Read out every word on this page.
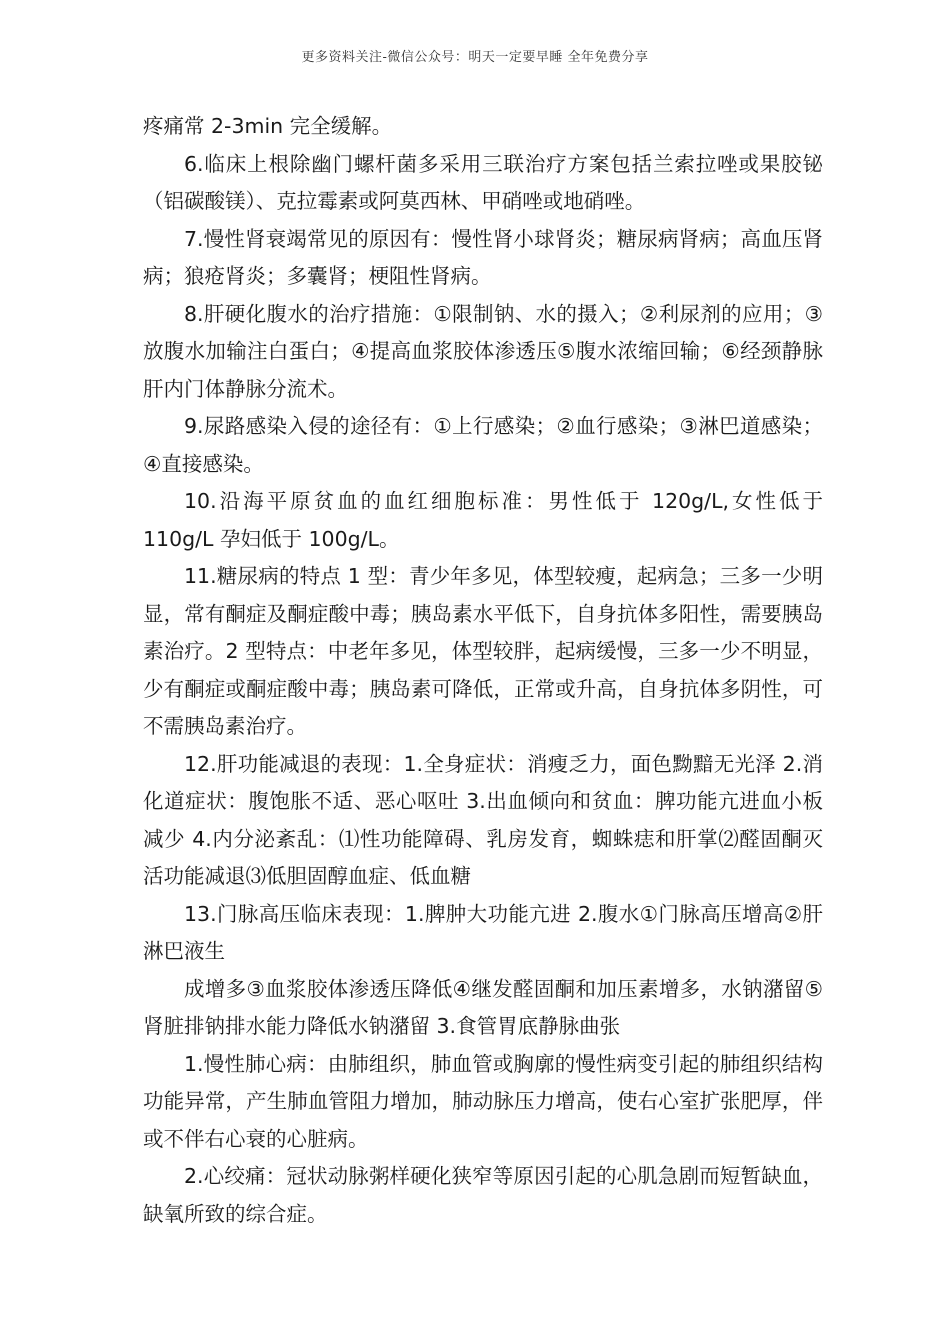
更多资料关注-微信公众号：明天一定要早睡 全年免费分享

疼痛常 2-3min 完全缓解。

6.临床上根除幽门螺杆菌多采用三联治疗方案包括兰索拉唑或果胶铋（铝碳酸镁）、克拉霉素或阿莫西林、甲硝唑或地硝唑。

7.慢性肾衰竭常见的原因有：慢性肾小球肾炎；糖尿病肾病；高血压肾病；狼疮肾炎；多囊肾；梗阻性肾病。

8.肝硬化腹水的治疗措施：①限制钠、水的摄入；②利尿剂的应用；③放腹水加输注白蛋白；④提高血浆胶体渗透压⑤腹水浓缩回输；⑥经颈静脉肝内门体静脉分流术。

9.尿路感染入侵的途径有：①上行感染；②血行感染；③淋巴道感染；④直接感染。

10.沿海平原贫血的血红细胞标准：男性低于 120g/L,女性低于 110g/L 孕妇低于 100g/L。

11.糖尿病的特点 1 型：青少年多见，体型较瘦，起病急；三多一少明显，常有酮症及酮症酸中毒；胰岛素水平低下，自身抗体多阳性，需要胰岛素治疗。2 型特点：中老年多见，体型较胖，起病缓慢，三多一少不明显，少有酮症或酮症酸中毒；胰岛素可降低，正常或升高，自身抗体多阴性，可不需胰岛素治疗。

12.肝功能减退的表现：1.全身症状：消瘦乏力，面色黝黯无光泽 2.消化道症状：腹饱胀不适、恶心呕吐 3.出血倾向和贫血：脾功能亢进血小板减少 4.内分泌紊乱：⑴性功能障碍、乳房发育，蜘蛛痣和肝掌⑵醛固酮灭活功能减退⑶低胆固醇血症、低血糖

13.门脉高压临床表现：1.脾肿大功能亢进 2.腹水①门脉高压增高②肝淋巴液生

成增多③血浆胶体渗透压降低④继发醛固酮和加压素增多，水钠潴留⑤肾脏排钠排水能力降低水钠潴留 3.食管胃底静脉曲张

1.慢性肺心病：由肺组织，肺血管或胸廓的慢性病变引起的肺组织结构功能异常，产生肺血管阻力增加，肺动脉压力增高，使右心室扩张肥厚，伴或不伴右心衰的心脏病。

2.心绞痛：冠状动脉粥样硬化狭窄等原因引起的心肌急剧而短暂缺血，缺氧所致的综合症。
